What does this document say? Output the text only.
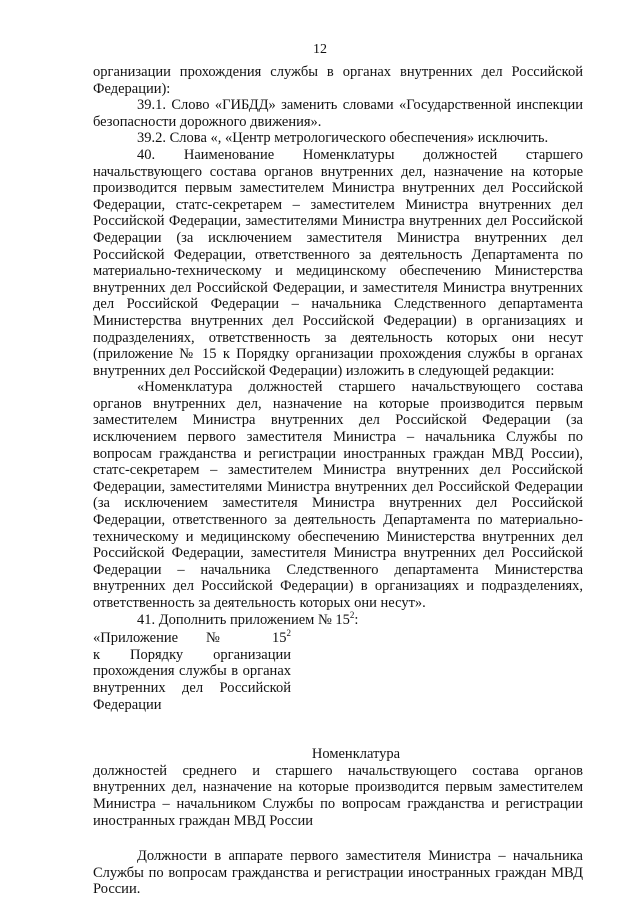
12

организации прохождения службы в органах внутренних дел Российской Федерации):

39.1. Слово «ГИБДД» заменить словами «Государственной инспекции безопасности дорожного движения».

39.2. Слова «, «Центр метрологического обеспечения» исключить.

40. Наименование Номенклатуры должностей старшего начальствующего состава органов внутренних дел, назначение на которые производится первым заместителем Министра внутренних дел Российской Федерации, статс-секретарем – заместителем Министра внутренних дел Российской Федерации, заместителями Министра внутренних дел Российской Федерации (за исключением заместителя Министра внутренних дел Российской Федерации, ответственного за деятельность Департамента по материально-техническому и медицинскому обеспечению Министерства внутренних дел Российской Федерации, и заместителя Министра внутренних дел Российской Федерации – начальника Следственного департамента Министерства внутренних дел Российской Федерации) в организациях и подразделениях, ответственность за деятельность которых они несут (приложение № 15 к Порядку организации прохождения службы в органах внутренних дел Российской Федерации) изложить в следующей редакции:

«Номенклатура должностей старшего начальствующего состава органов внутренних дел, назначение на которые производится первым заместителем Министра внутренних дел Российской Федерации (за исключением первого заместителя Министра – начальника Службы по вопросам гражданства и регистрации иностранных граждан МВД России), статс-секретарем – заместителем Министра внутренних дел Российской Федерации, заместителями Министра внутренних дел Российской Федерации (за исключением заместителя Министра внутренних дел Российской Федерации, ответственного за деятельность Департамента по материально-техническому и медицинскому обеспечению Министерства внутренних дел Российской Федерации, заместителя Министра внутренних дел Российской Федерации – начальника Следственного департамента Министерства внутренних дел Российской Федерации) в организациях и подразделениях, ответственность за деятельность которых они несут».

41. Дополнить приложением № $15^2$:

«Приложение № $15^2$
к Порядку организации прохождения службы в органах внутренних дел Российской Федерации

Номенклатура

должностей среднего и старшего начальствующего состава органов внутренних дел, назначение на которые производится первым заместителем Министра – начальником Службы по вопросам гражданства и регистрации иностранных граждан МВД России

Должности в аппарате первого заместителя Министра – начальника Службы по вопросам гражданства и регистрации иностранных граждан МВД России.
